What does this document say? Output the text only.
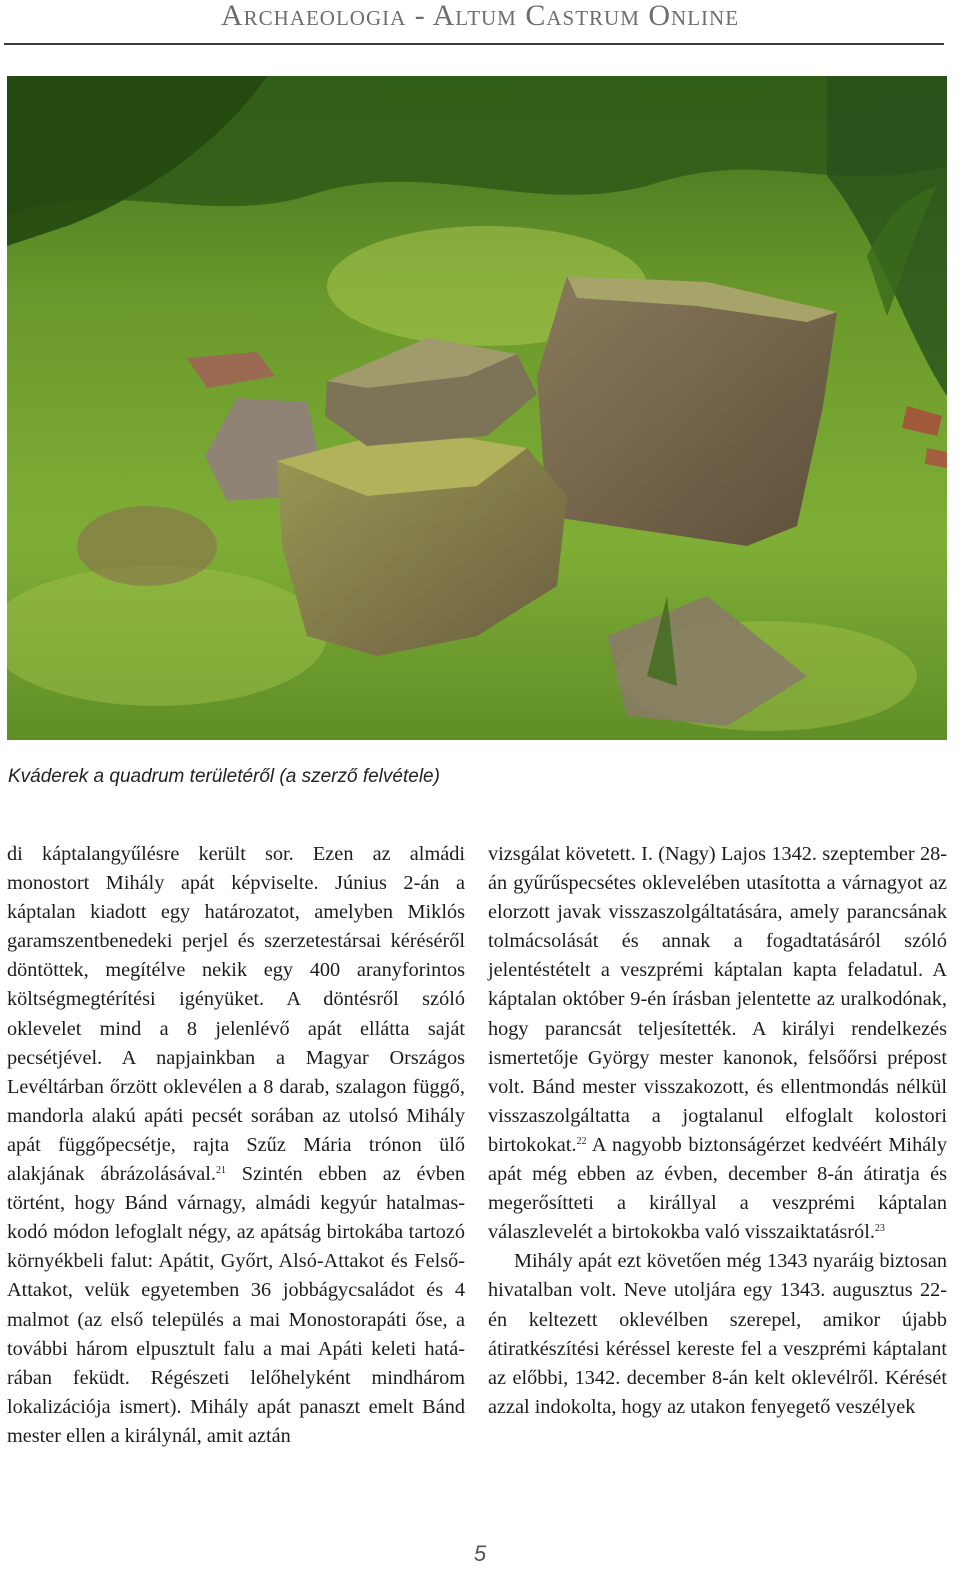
Archaeologia - Altum Castrum Online
Kváderek a quadrum területéről (a szerző felvétele)

di káptalangyűlésre került sor. Ezen az almádi monostort Mihály apát képviselte. Június 2-án a káptalan kiadott egy határozatot, amelyben Miklós garamszentbenedeki perjel és szerzetestársai kéréséről döntöttek, megítélve nekik egy 400 aranyforintos költségmegtérítési igényüket. A döntésről szóló oklevelet mind a 8 jelenlévő apát ellátta saját pecsétjével. A napjainkban a Magyar Országos Levéltárban őrzött oklevélen a 8 darab, szalagon függő, mandorla alakú apáti pecsét sorában az utolsó Mihály apát függőpecsétje, rajta Szűz Mária trónon ülő alakjának ábrázolásával.$^{21}$ Szintén ebben az évben történt, hogy Bánd várnagy, almádi kegyúr hatalmaskodó módon lefoglalt négy, az apátság birtokába tartozó környékbeli falut: Apátit, Győrt, Alsó-Attakot és Felső-Attakot, velük egyetemben 36 jobbágycsaládot és 4 malmot (az első település a mai Monostorapáti őse, a további három elpusztult falu a mai Apáti keleti határában feküdt. Régészeti lelőhelyként mindhárom lokalizációja ismert). Mihály apát panaszt emelt Bánd mester ellen a királynál, amit aztán

vizsgálat követett. I. (Nagy) Lajos 1342. szeptember 28-án gyűrűspecsétes oklevelében utasította a várnagyot az elorzott javak visszaszolgáltatására, amely parancsának tolmácsolását és annak a fogadtatásáról szóló jelentéstételt a veszprémi káptalan kapta feladatul. A káptalan október 9-én írásban jelentette az uralkodónak, hogy parancsát teljesítették. A királyi rendelkezés ismertetője György mester kanonok, felsőőrsi prépost volt. Bánd mester visszakozott, és ellentmondás nélkül visszaszolgáltatta a jogtalanul elfoglalt kolostori birtokokat.$^{22}$ A nagyobb biztonságérzet kedvéért Mihály apát még ebben az évben, december 8-án átiratja és megerősítteti a királlyal a veszprémi káptalan válaszlevelét a birtokokba való visszaiktatásról.$^{23}$

Mihály apát ezt követően még 1343 nyaráig biztosan hivatalban volt. Neve utoljára egy 1343. augusztus 22-én keltezett oklevélben szerepel, amikor újabb átiratkészítési kéréssel kereste fel a veszprémi káptalant az előbbi, 1342. december 8-án kelt oklevélről. Kérését azzal indokolta, hogy az utakon fenyegető veszélyek

5
